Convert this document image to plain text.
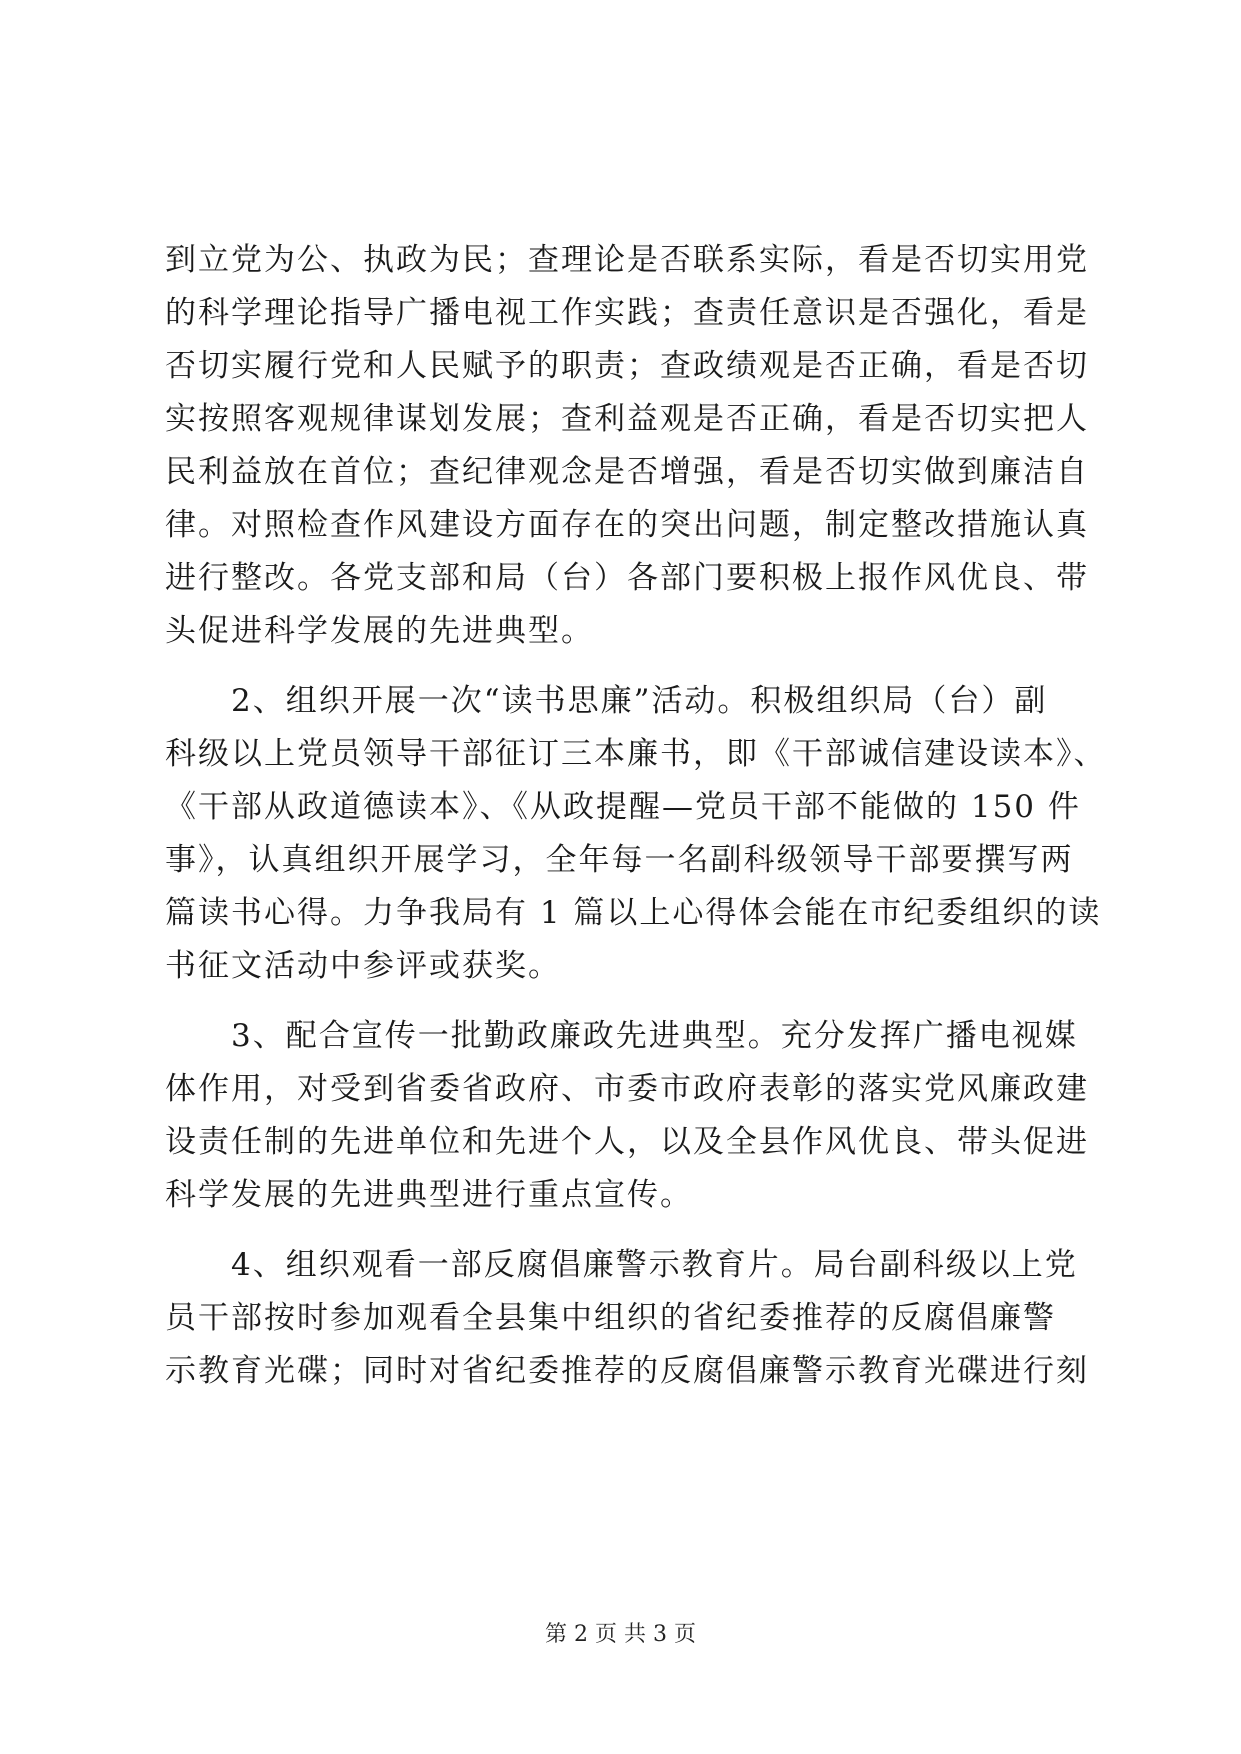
到立党为公、执政为民；查理论是否联系实际，看是否切实用党
的科学理论指导广播电视工作实践；查责任意识是否强化，看是
否切实履行党和人民赋予的职责；查政绩观是否正确，看是否切
实按照客观规律谋划发展；查利益观是否正确，看是否切实把人
民利益放在首位；查纪律观念是否增强，看是否切实做到廉洁自
律。对照检查作风建设方面存在的突出问题，制定整改措施认真
进行整改。各党支部和局（台）各部门要积极上报作风优良、带
头促进科学发展的先进典型。
　　2、组织开展一次“读书思廉”活动。积极组织局（台）副
科级以上党员领导干部征订三本廉书，即《干部诚信建设读本》、
《干部从政道德读本》、《从政提醒—党员干部不能做的 150 件
事》，认真组织开展学习，全年每一名副科级领导干部要撰写两
篇读书心得。力争我局有 1 篇以上心得体会能在市纪委组织的读
书征文活动中参评或获奖。
　　3、配合宣传一批勤政廉政先进典型。充分发挥广播电视媒
体作用，对受到省委省政府、市委市政府表彰的落实党风廉政建
设责任制的先进单位和先进个人，以及全县作风优良、带头促进
科学发展的先进典型进行重点宣传。
　　4、组织观看一部反腐倡廉警示教育片。局台副科级以上党
员干部按时参加观看全县集中组织的省纪委推荐的反腐倡廉警
示教育光碟；同时对省纪委推荐的反腐倡廉警示教育光碟进行刻
第 2 页 共 3 页
